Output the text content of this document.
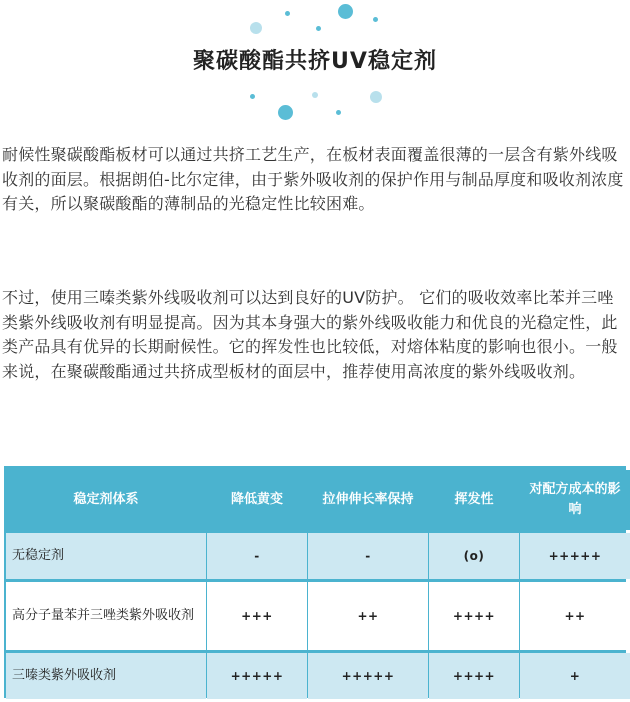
聚碳酸酯共挤UV稳定剂

耐候性聚碳酸酯板材可以通过共挤工艺生产，在板材表面覆盖很薄的一层含有紫外线吸收剂的面层。根据朗伯-比尔定律，由于紫外吸收剂的保护作用与制品厚度和吸收剂浓度有关，所以聚碳酸酯的薄制品的光稳定性比较困难。

不过，使用三嗪类紫外线吸收剂可以达到良好的UV防护。 它们的吸收效率比苯并三唑类紫外线吸收剂有明显提高。因为其本身强大的紫外线吸收能力和优良的光稳定性，此类产品具有优异的长期耐候性。它的挥发性也比较低，对熔体粘度的影响也很小。一般来说，在聚碳酸酯通过共挤成型板材的面层中，推荐使用高浓度的紫外线吸收剂。

稳定剂体系	降低黄变	拉伸伸长率保持	挥发性	对配方成本的影响
无稳定剂	-	-	(o)	+++++
高分子量苯并三唑类紫外吸收剂	+++	++	++++	++
三嗪类紫外吸收剂	+++++	+++++	++++	+
